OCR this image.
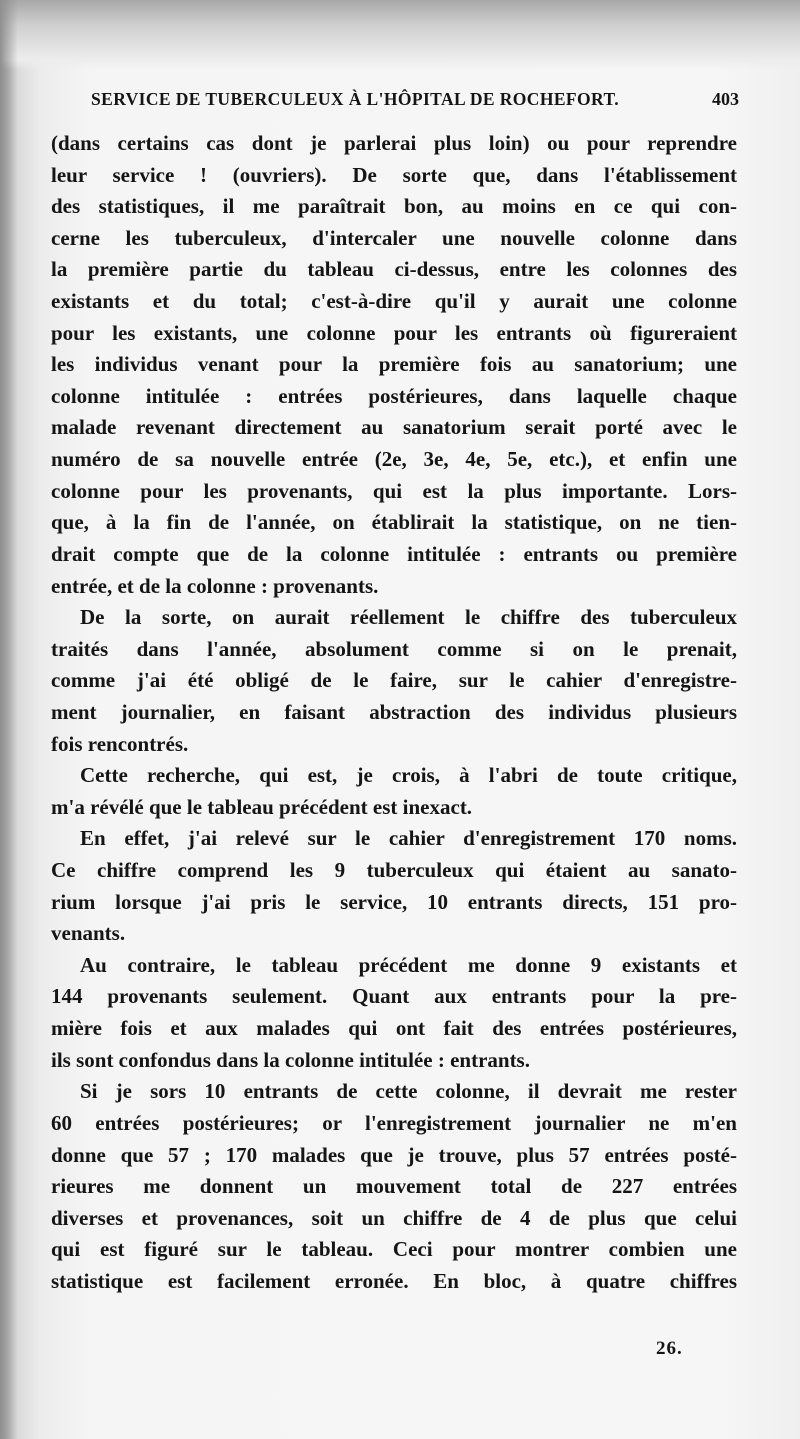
SERVICE DE TUBERCULEUX À L'HÔPITAL DE ROCHEFORT.	403
(dans certains cas dont je parlerai plus loin) ou pour reprendre
leur service ! (ouvriers). De sorte que, dans l'établissement
des statistiques, il me paraîtrait bon, au moins en ce qui con-
cerne les tuberculeux, d'intercaler une nouvelle colonne dans
la première partie du tableau ci-dessus, entre les colonnes des
existants et du total; c'est-à-dire qu'il y aurait une colonne
pour les existants, une colonne pour les entrants où figureraient
les individus venant pour la première fois au sanatorium; une
colonne intitulée : entrées postérieures, dans laquelle chaque
malade revenant directement au sanatorium serait porté avec le
numéro de sa nouvelle entrée (2e, 3e, 4e, 5e, etc.), et enfin une
colonne pour les provenants, qui est la plus importante. Lors-
que, à la fin de l'année, on établirait la statistique, on ne tien-
drait compte que de la colonne intitulée : entrants ou première
entrée, et de la colonne : provenants.
De la sorte, on aurait réellement le chiffre des tuberculeux
traités dans l'année, absolument comme si on le prenait,
comme j'ai été obligé de le faire, sur le cahier d'enregistre-
ment journalier, en faisant abstraction des individus plusieurs
fois rencontrés.
Cette recherche, qui est, je crois, à l'abri de toute critique,
m'a révélé que le tableau précédent est inexact.
En effet, j'ai relevé sur le cahier d'enregistrement 170 noms.
Ce chiffre comprend les 9 tuberculeux qui étaient au sanato-
rium lorsque j'ai pris le service, 10 entrants directs, 151 pro-
venants.
Au contraire, le tableau précédent me donne 9 existants et
144 provenants seulement. Quant aux entrants pour la pre-
mière fois et aux malades qui ont fait des entrées postérieures,
ils sont confondus dans la colonne intitulée : entrants.
Si je sors 10 entrants de cette colonne, il devrait me rester
60 entrées postérieures; or l'enregistrement journalier ne m'en
donne que 57 ; 170 malades que je trouve, plus 57 entrées posté-
rieures me donnent un mouvement total de 227 entrées
diverses et provenances, soit un chiffre de 4 de plus que celui
qui est figuré sur le tableau. Ceci pour montrer combien une
statistique est facilement erronée. En bloc, à quatre chiffres
26.
